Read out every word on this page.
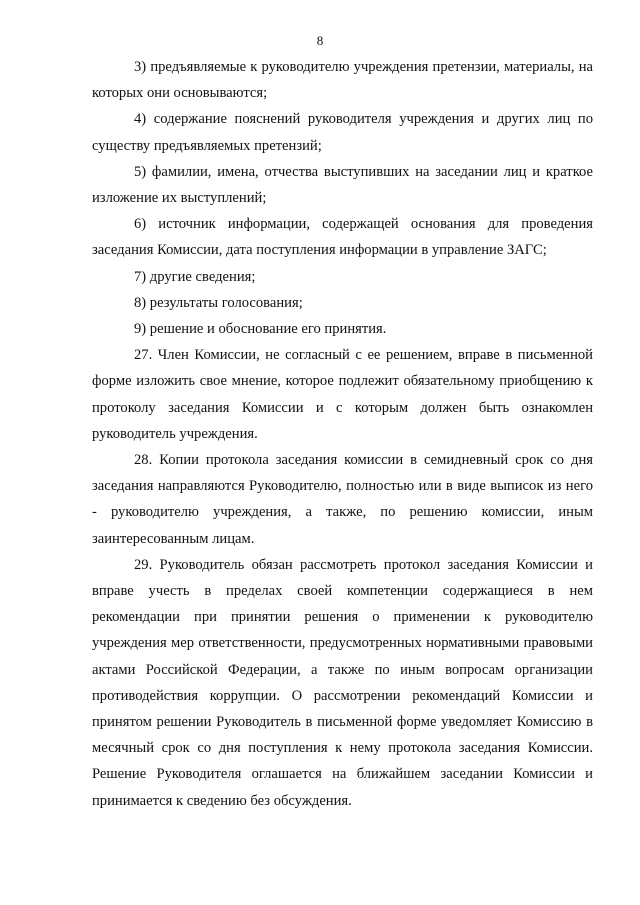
8

3) предъявляемые к руководителю учреждения претензии, материалы, на которых они основываются;

4) содержание пояснений руководителя учреждения и других лиц по существу предъявляемых претензий;

5) фамилии, имена, отчества выступивших на заседании лиц и краткое изложение их выступлений;

6) источник информации, содержащей основания для проведения заседания Комиссии, дата поступления информации в управление ЗАГС;

7) другие сведения;

8) результаты голосования;

9) решение и обоснование его принятия.

27. Член Комиссии, не согласный с ее решением, вправе в письменной форме изложить свое мнение, которое подлежит обязательному приобщению к протоколу заседания Комиссии и с которым должен быть ознакомлен руководитель учреждения.

28. Копии протокола заседания комиссии в семидневный срок со дня заседания направляются Руководителю, полностью или в виде выписок из него - руководителю учреждения, а также, по решению комиссии, иным заинтересованным лицам.

29. Руководитель обязан рассмотреть протокол заседания Комиссии и вправе учесть в пределах своей компетенции содержащиеся в нем рекомендации при принятии решения о применении к руководителю учреждения мер ответственности, предусмотренных нормативными правовыми актами Российской Федерации, а также по иным вопросам организации противодействия коррупции. О рассмотрении рекомендаций Комиссии и принятом решении Руководитель в письменной форме уведомляет Комиссию в месячный срок со дня поступления к нему протокола заседания Комиссии. Решение Руководителя оглашается на ближайшем заседании Комиссии и принимается к сведению без обсуждения.
